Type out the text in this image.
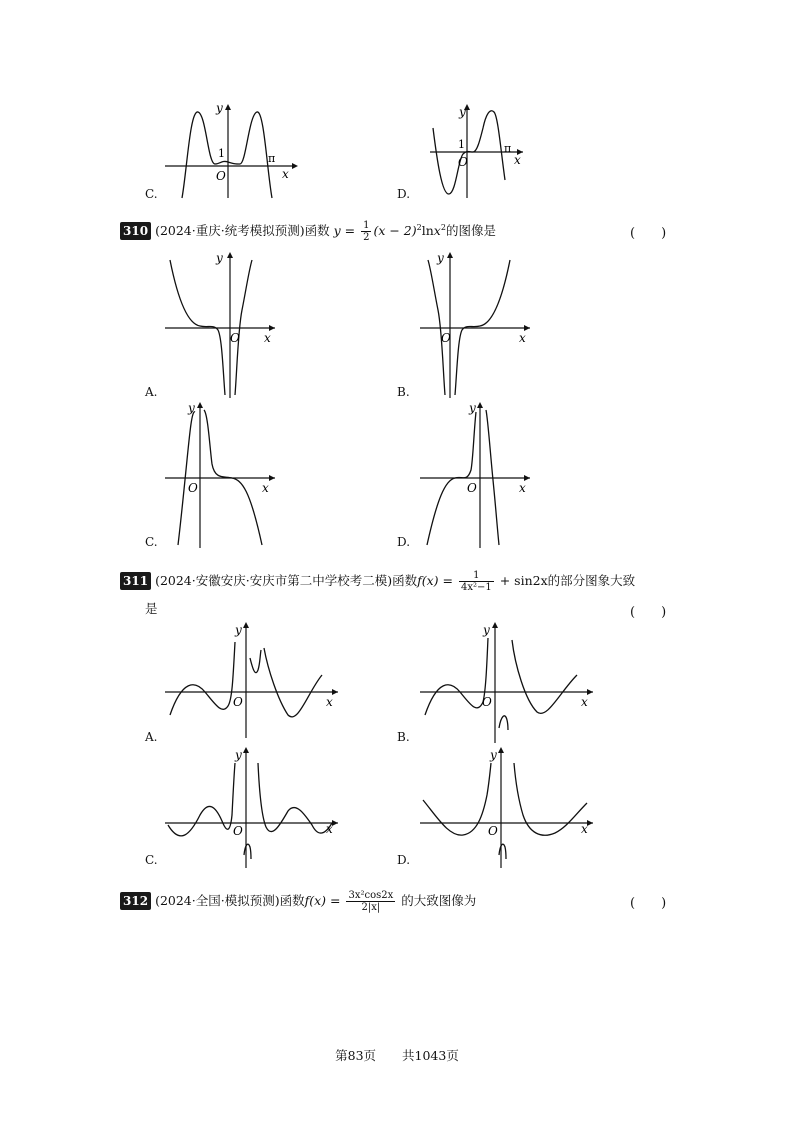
y
1	π
O	x
C.
y
1	π
O	x
D.
310 (2024·重庆·统考模拟预测)函数 $y = \frac{1}{2} (x - 2)^2\ln x^2$的图像是	(　　)
y
O x
A.
y
O	x
B.
y
O	x
C.
y
O	x
D.
311 (2024·安徽安庆·安庆市第二中学校考二模)函数$f(x) = \frac{1}{\text{4x²−1}} + \sin 2x$的部分图象大致
是	(　　)
y
O	x
A.
y
O	x
B.
y
O	x
C.
y
O	x
D.
312 (2024·全国·模拟预测)函数$f(x) = \frac{\text{3x²cos2x}}{2|x|}$ 的大致图像为	(　　)
第83页 共1043页
